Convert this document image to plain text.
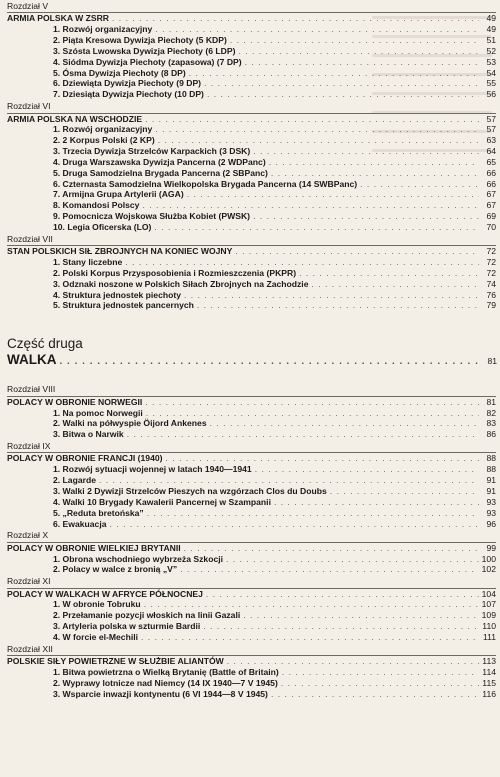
Rozdział V
ARMIA POLSKA W ZSRR . . .	49
1. Rozwój organizacyjny . . .	49
2. Piąta Kresowa Dywizja Piechoty (5 KDP) . . .	51
3. Szósta Lwowska Dywizja Piechoty (6 LDP) . . .	52
4. Siódma Dywizja Piechoty (zapasowa) (7 DP) . . .	53
5. Ósma Dywizja Piechoty (8 DP) . . .	54
6. Dziewiąta Dywizja Piechoty (9 DP) . . .	55
7. Dziesiąta Dywizja Piechoty (10 DP) . . .	56
Rozdział VI
ARMIA POLSKA NA WSCHODZIE . . .	57
1. Rozwój organizacyjny . . .	57
2. 2 Korpus Polski (2 KP) . . .	63
3. Trzecia Dywizja Strzelców Karpackich (3 DSK) . . .	64
4. Druga Warszawska Dywizja Pancerna (2 WDPanc) . . .	65
5. Druga Samodzielna Brygada Pancerna (2 SBPanc) . . .	66
6. Czternasta Samodzielna Wielkopolska Brygada Pancerna (14 SWBPanc) . . .	66
7. Armijna Grupa Artylerii (AGA) . . .	67
8. Komandosi Polscy . . .	67
9. Pomocnicza Wojskowa Służba Kobiet (PWSK) . . .	69
10. Legia Oficerska (LO) . . .	70
Rozdział VII
STAN POLSKICH SIŁ ZBROJNYCH NA KONIEC WOJNY . . .	72
1. Stany liczebne . . .	72
2. Polski Korpus Przysposobienia i Rozmieszczenia (PKPR) . . .	72
3. Odznaki noszone w Polskich Siłach Zbrojnych na Zachodzie . . .	74
4. Struktura jednostek piechoty . . .	76
5. Struktura jednostek pancernych . . .	79
Część druga
WALKA . . .	81
Rozdział VIII
POLACY W OBRONIE NORWEGII . . .	81
1. Na pomoc Norwegii . . .	82
2. Walki na półwyspie Öijord Ankenes . . .	83
3. Bitwa o Narwik . . .	86
Rozdział IX
POLACY W OBRONIE FRANCJI (1940) . . .	88
1. Rozwój sytuacji wojennej w latach 1940—1941 . . .	88
2. Lagarde . . .	91
3. Walki 2 Dywizji Strzelców Pieszych na wzgórzach Clos du Doubs . . .	91
4. Walki 10 Brygady Kawalerii Pancernej w Szampanii . . .	93
5. „Reduta bretońska” . . .	93
6. Ewakuacja . . .	96
Rozdział X
POLACY W OBRONIE WIELKIEJ BRYTANII . . .	99
1. Obrona wschodniego wybrzeża Szkocji . . .	100
2. Polacy w walce z bronią „V” . . .	102
Rozdział XI
POLACY W WALKACH W AFRYCE PÓŁNOCNEJ . . .	104
1. W obronie Tobruku . . .	107
2. Przełamanie pozycji włoskich na linii Gazali . . .	109
3. Artyleria polska w szturmie Bardii . . .	110
4. W forcie el-Mechili . . .	111
Rozdział XII
POLSKIE SIŁY POWIETRZNE W SŁUŻBIE ALIANTÓW . . .	113
1. Bitwa powietrzna o Wielką Brytanię (Battle of Britain) . . .	114
2. Wyprawy lotnicze nad Niemcy (14 IX 1940—7 V 1945) . . .	115
3. Wsparcie inwazji kontynentu (6 VI 1944—8 V 1945) . . .	116
